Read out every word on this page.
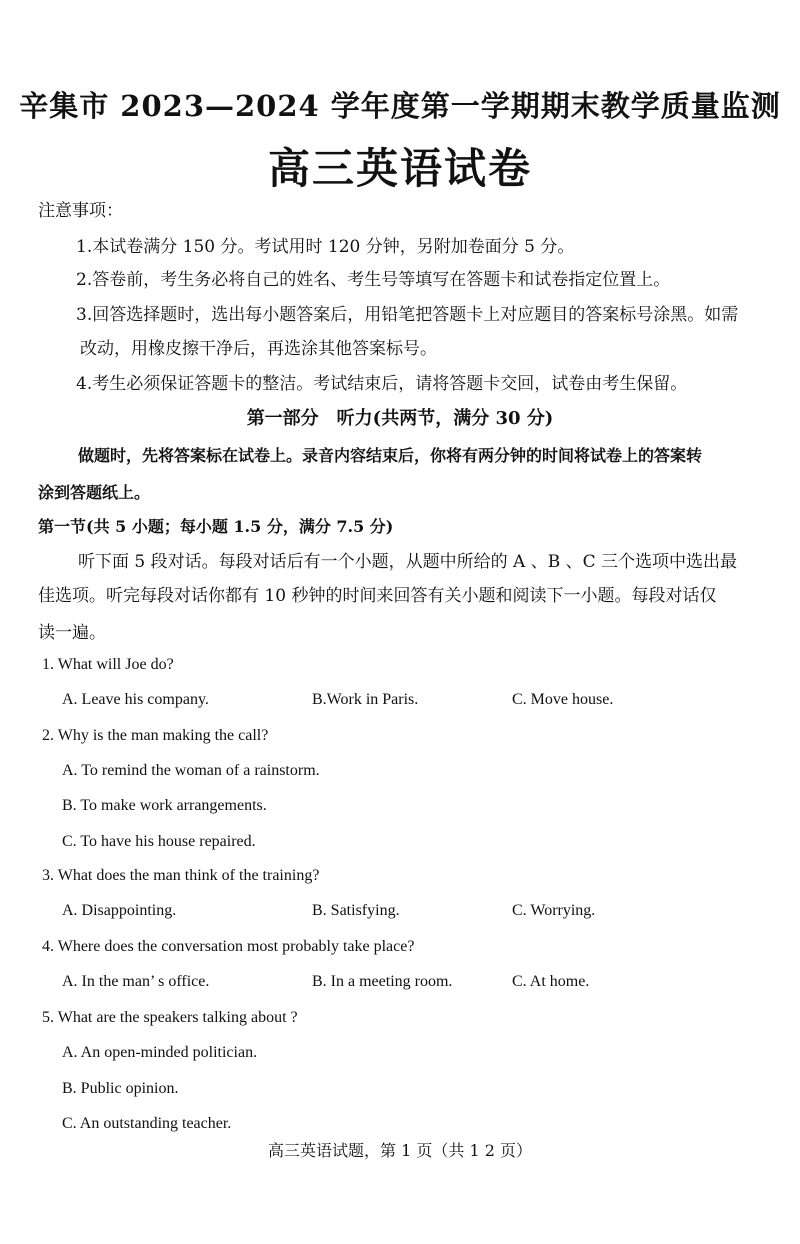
辛集市 2023—2024 学年度第一学期期末教学质量监测
高三英语试卷
注意事项：
1.本试卷满分 150 分。考试用时 120 分钟，另附加卷面分 5 分。
2.答卷前，考生务必将自己的姓名、考生号等填写在答题卡和试卷指定位置上。
3.回答选择题时，选出每小题答案后，用铅笔把答题卡上对应题目的答案标号涂黑。如需
改动，用橡皮擦干净后，再选涂其他答案标号。
4.考生必须保证答题卡的整洁。考试结束后，请将答题卡交回，试卷由考生保留。
第一部分　听力(共两节，满分 30 分)
做题时，先将答案标在试卷上。录音内容结束后，你将有两分钟的时间将试卷上的答案转
涂到答题纸上。
第一节(共 5 小题；每小题 1.5 分，满分 7.5 分)
听下面 5 段对话。每段对话后有一个小题，从题中所给的 A 、B 、C 三个选项中选出最
佳选项。听完每段对话你都有 10 秒钟的时间来回答有关小题和阅读下一小题。每段对话仅
读一遍。
1. What will Joe do?
A. Leave his company.	B.Work in Paris.	C. Move house.
2. Why is the man making the call?
A. To remind the woman of a rainstorm.
B. To make work arrangements.
C. To have his house repaired.
3. What does the man think of the training?
A. Disappointing.	B. Satisfying.	C. Worrying.
4. Where does the conversation most probably take place?
A. In the man’ s office.	B. In a meeting room.	C. At home.
5. What are the speakers talking about ?
A. An open-minded politician.
B. Public opinion.
C. An outstanding teacher.
高三英语试题，第 1 页（共 1 2 页）
